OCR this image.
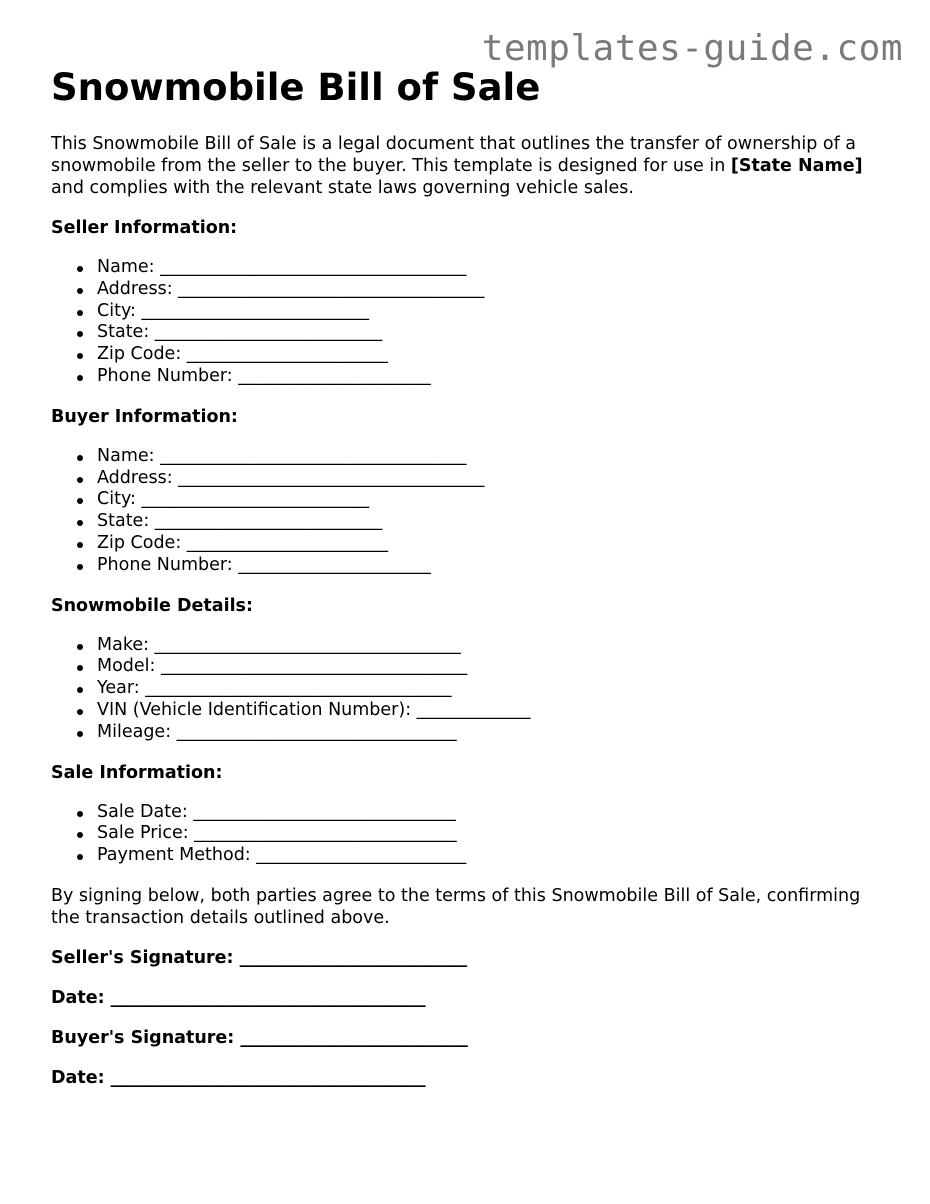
templates-guide.com
Snowmobile Bill of Sale

This Snowmobile Bill of Sale is a legal document that outlines the transfer of ownership of a snowmobile from the seller to the buyer. This template is designed for use in [State Name] and complies with the relevant state laws governing vehicle sales.

Seller Information:
Name: ___________________________________
Address: ___________________________________
City: __________________________
State: __________________________
Zip Code: _______________________
Phone Number: ______________________
Buyer Information:
Name: ___________________________________
Address: ___________________________________
City: __________________________
State: __________________________
Zip Code: _______________________
Phone Number: ______________________
Snowmobile Details:
Make: ___________________________________
Model: ___________________________________
Year: ___________________________________
VIN (Vehicle Identification Number): _____________
Mileage: ________________________________
Sale Information:
Sale Date: ______________________________
Sale Price: ______________________________
Payment Method: ________________________

By signing below, both parties agree to the terms of this Snowmobile Bill of Sale, confirming the transaction details outlined above.

Seller's Signature: __________________________
Date: ____________________________________
Buyer's Signature: __________________________
Date: ____________________________________
